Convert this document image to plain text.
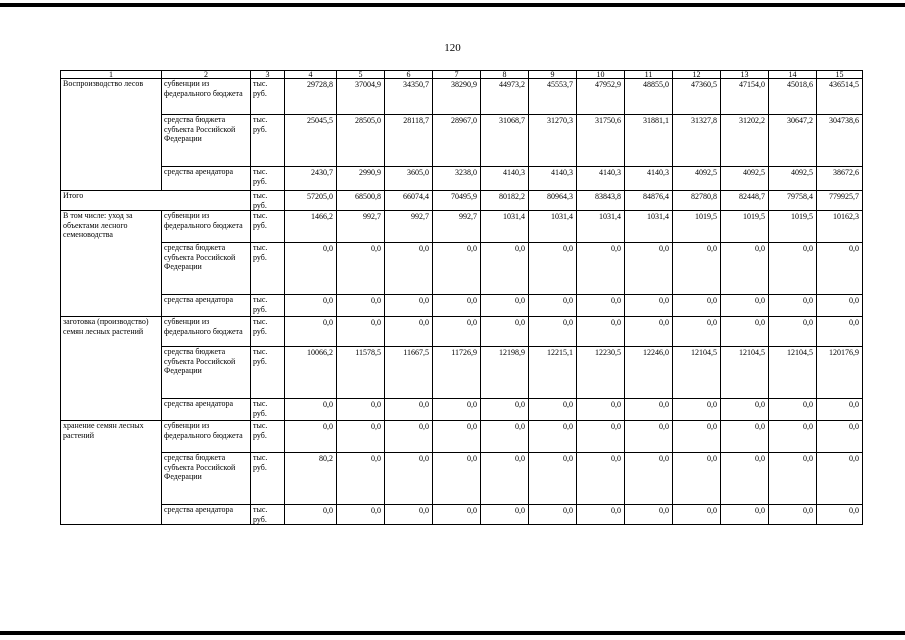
120
1	2	3	4	5	6	7	8	9	10	11	12	13	14	15
Воспроизводство лесов	субвенции из федерального бюджета	тыс. руб.	29728,8	37004,9	34350,7	38290,9	44973,2	45553,7	47952,9	48855,0	47360,5	47154,0	45018,6	436514,5
	средства бюджета субъекта Российской Федерации	тыс. руб.	25045,5	28505,0	28118,7	28967,0	31068,7	31270,3	31750,6	31881,1	31327,8	31202,2	30647,2	304738,6
	средства арендатора	тыс. руб.	2430,7	2990,9	3605,0	3238,0	4140,3	4140,3	4140,3	4140,3	4092,5	4092,5	4092,5	38672,6
Итого		тыс. руб.	57205,0	68500,8	66074,4	70495,9	80182,2	80964,3	83843,8	84876,4	82780,8	82448,7	79758,4	779925,7
В том числе: уход за объектами лесного семеноводства	субвенции из федерального бюджета	тыс. руб.	1466,2	992,7	992,7	992,7	1031,4	1031,4	1031,4	1031,4	1019,5	1019,5	1019,5	10162,3
	средства бюджета субъекта Российской Федерации	тыс. руб.	0,0	0,0	0,0	0,0	0,0	0,0	0,0	0,0	0,0	0,0	0,0	0,0
	средства арендатора	тыс. руб.	0,0	0,0	0,0	0,0	0,0	0,0	0,0	0,0	0,0	0,0	0,0	0,0
заготовка (производство) семян лесных растений	субвенции из федерального бюджета	тыс. руб.	0,0	0,0	0,0	0,0	0,0	0,0	0,0	0,0	0,0	0,0	0,0	0,0
	средства бюджета субъекта Российской Федерации	тыс. руб.	10066,2	11578,5	11667,5	11726,9	12198,9	12215,1	12230,5	12246,0	12104,5	12104,5	12104,5	120176,9
	средства арендатора	тыс. руб.	0,0	0,0	0,0	0,0	0,0	0,0	0,0	0,0	0,0	0,0	0,0	0,0
хранение семян лесных растений	субвенции из федерального бюджета	тыс. руб.	0,0	0,0	0,0	0,0	0,0	0,0	0,0	0,0	0,0	0,0	0,0	0,0
	средства бюджета субъекта Российской Федерации	тыс. руб.	80,2	0,0	0,0	0,0	0,0	0,0	0,0	0,0	0,0	0,0	0,0	0,0
	средства арендатора	тыс. руб.	0,0	0,0	0,0	0,0	0,0	0,0	0,0	0,0	0,0	0,0	0,0	0,0
